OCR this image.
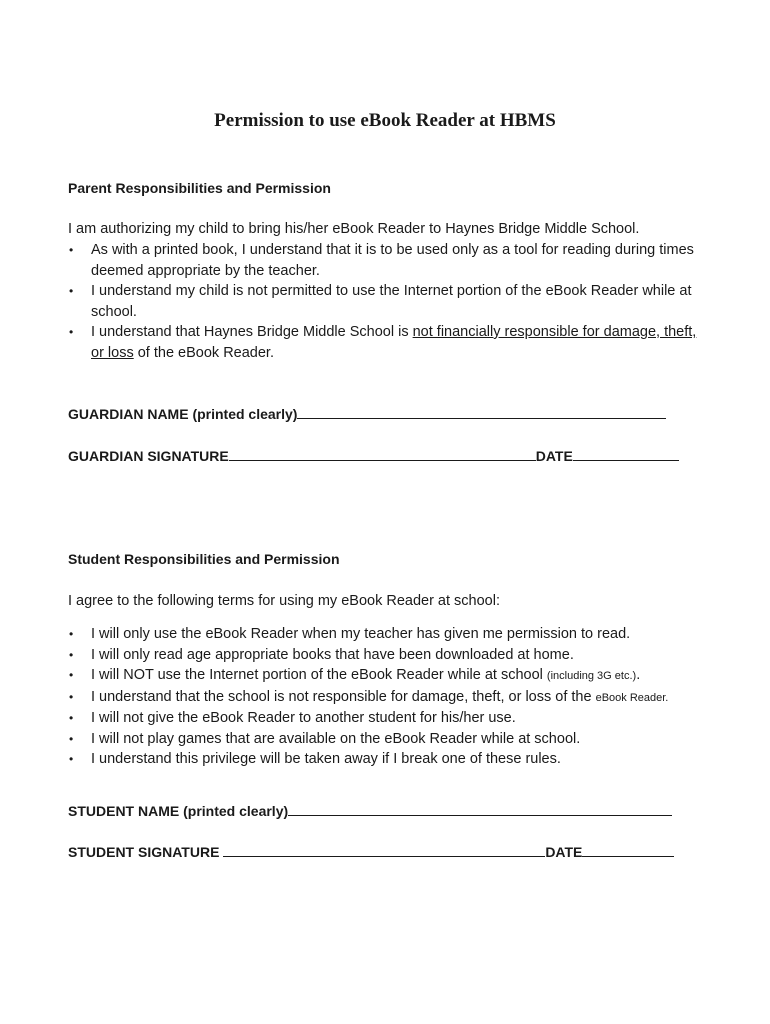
Permission to use eBook Reader at HBMS
Parent Responsibilities and Permission
I am authorizing my child to bring his/her eBook Reader to Haynes Bridge Middle School.
• As with a printed book, I understand that it is to be used only as a tool for reading during times deemed appropriate by the teacher.
• I understand my child is not permitted to use the Internet portion of the eBook Reader while at school.
• I understand that Haynes Bridge Middle School is not financially responsible for damage, theft, or loss of the eBook Reader.
GUARDIAN NAME (printed clearly)
GUARDIAN SIGNATURE	DATE
Student Responsibilities and Permission
I agree to the following terms for using my eBook Reader at school:
• I will only use the eBook Reader when my teacher has given me permission to read.
• I will only read age appropriate books that have been downloaded at home.
• I will NOT use the Internet portion of the eBook Reader while at school (including 3G etc.).
• I understand that the school is not responsible for damage, theft, or loss of the eBook Reader.
• I will not give the eBook Reader to another student for his/her use.
• I will not play games that are available on the eBook Reader while at school.
• I understand this privilege will be taken away if I break one of these rules.
STUDENT NAME (printed clearly)
STUDENT SIGNATURE	DATE
